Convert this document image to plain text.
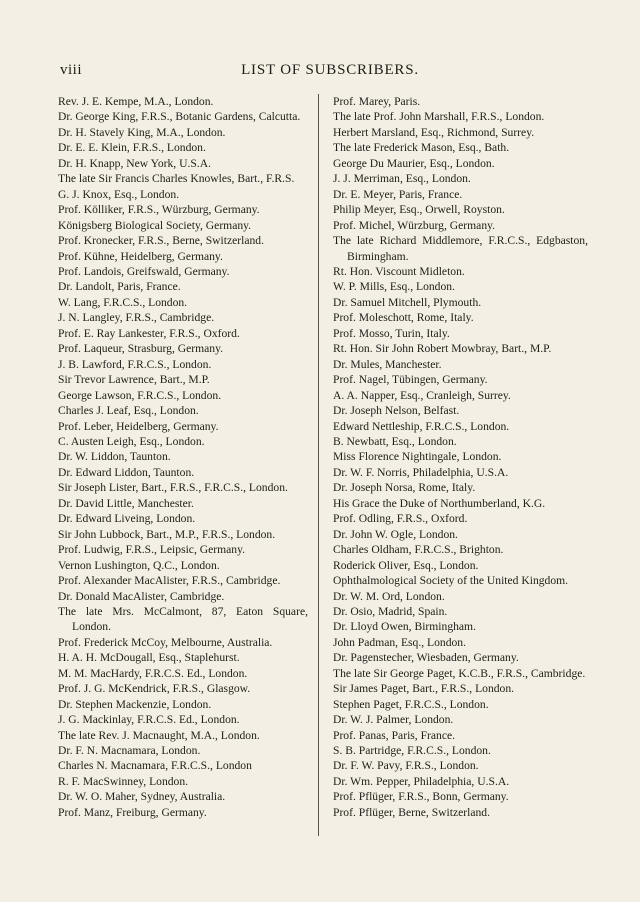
viii	LIST OF SUBSCRIBERS.
Rev. J. E. Kempe, M.A., London.
Dr. George King, F.R.S., Botanic Gardens, Calcutta.
Dr. H. Stavely King, M.A., London.
Dr. E. E. Klein, F.R.S., London.
Dr. H. Knapp, New York, U.S.A.
The late Sir Francis Charles Knowles, Bart., F.R.S.
G. J. Knox, Esq., London.
Prof. Kölliker, F.R.S., Würzburg, Germany.
Königsberg Biological Society, Germany.
Prof. Kronecker, F.R.S., Berne, Switzerland.
Prof. Kühne, Heidelberg, Germany.
Prof. Landois, Greifswald, Germany.
Dr. Landolt, Paris, France.
W. Lang, F.R.C.S., London.
J. N. Langley, F.R.S., Cambridge.
Prof. E. Ray Lankester, F.R.S., Oxford.
Prof. Laqueur, Strasburg, Germany.
J. B. Lawford, F.R.C.S., London.
Sir Trevor Lawrence, Bart., M.P.
George Lawson, F.R.C.S., London.
Charles J. Leaf, Esq., London.
Prof. Leber, Heidelberg, Germany.
C. Austen Leigh, Esq., London.
Dr. W. Liddon, Taunton.
Dr. Edward Liddon, Taunton.
Sir Joseph Lister, Bart., F.R.S., F.R.C.S., London.
Dr. David Little, Manchester.
Dr. Edward Liveing, London.
Sir John Lubbock, Bart., M.P., F.R.S., London.
Prof. Ludwig, F.R.S., Leipsic, Germany.
Vernon Lushington, Q.C., London.
Prof. Alexander MacAlister, F.R.S., Cambridge.
Dr. Donald MacAlister, Cambridge.
The late Mrs. McCalmont, 87, Eaton Square, London.
Prof. Frederick McCoy, Melbourne, Australia.
H. A. H. McDougall, Esq., Staplehurst.
M. M. MacHardy, F.R.C.S. Ed., London.
Prof. J. G. McKendrick, F.R.S., Glasgow.
Dr. Stephen Mackenzie, London.
J. G. Mackinlay, F.R.C.S. Ed., London.
The late Rev. J. Macnaught, M.A., London.
Dr. F. N. Macnamara, London.
Charles N. Macnamara, F.R.C.S., London
R. F. MacSwinney, London.
Dr. W. O. Maher, Sydney, Australia.
Prof. Manz, Freiburg, Germany.
Prof. Marey, Paris.
The late Prof. John Marshall, F.R.S., London.
Herbert Marsland, Esq., Richmond, Surrey.
The late Frederick Mason, Esq., Bath.
George Du Maurier, Esq., London.
J. J. Merriman, Esq., London.
Dr. E. Meyer, Paris, France.
Philip Meyer, Esq., Orwell, Royston.
Prof. Michel, Würzburg, Germany.
The late Richard Middlemore, F.R.C.S., Edgbaston, Birmingham.
Rt. Hon. Viscount Midleton.
W. P. Mills, Esq., London.
Dr. Samuel Mitchell, Plymouth.
Prof. Moleschott, Rome, Italy.
Prof. Mosso, Turin, Italy.
Rt. Hon. Sir John Robert Mowbray, Bart., M.P.
Dr. Mules, Manchester.
Prof. Nagel, Tübingen, Germany.
A. A. Napper, Esq., Cranleigh, Surrey.
Dr. Joseph Nelson, Belfast.
Edward Nettleship, F.R.C.S., London.
B. Newbatt, Esq., London.
Miss Florence Nightingale, London.
Dr. W. F. Norris, Philadelphia, U.S.A.
Dr. Joseph Norsa, Rome, Italy.
His Grace the Duke of Northumberland, K.G.
Prof. Odling, F.R.S., Oxford.
Dr. John W. Ogle, London.
Charles Oldham, F.R.C.S., Brighton.
Roderick Oliver, Esq., London.
Ophthalmological Society of the United Kingdom.
Dr. W. M. Ord, London.
Dr. Osio, Madrid, Spain.
Dr. Lloyd Owen, Birmingham.
John Padman, Esq., London.
Dr. Pagenstecher, Wiesbaden, Germany.
The late Sir George Paget, K.C.B., F.R.S., Cambridge.
Sir James Paget, Bart., F.R.S., London.
Stephen Paget, F.R.C.S., London.
Dr. W. J. Palmer, London.
Prof. Panas, Paris, France.
S. B. Partridge, F.R.C.S., London.
Dr. F. W. Pavy, F.R.S., London.
Dr. Wm. Pepper, Philadelphia, U.S.A.
Prof. Pflüger, F.R.S., Bonn, Germany.
Prof. Pflüger, Berne, Switzerland.
